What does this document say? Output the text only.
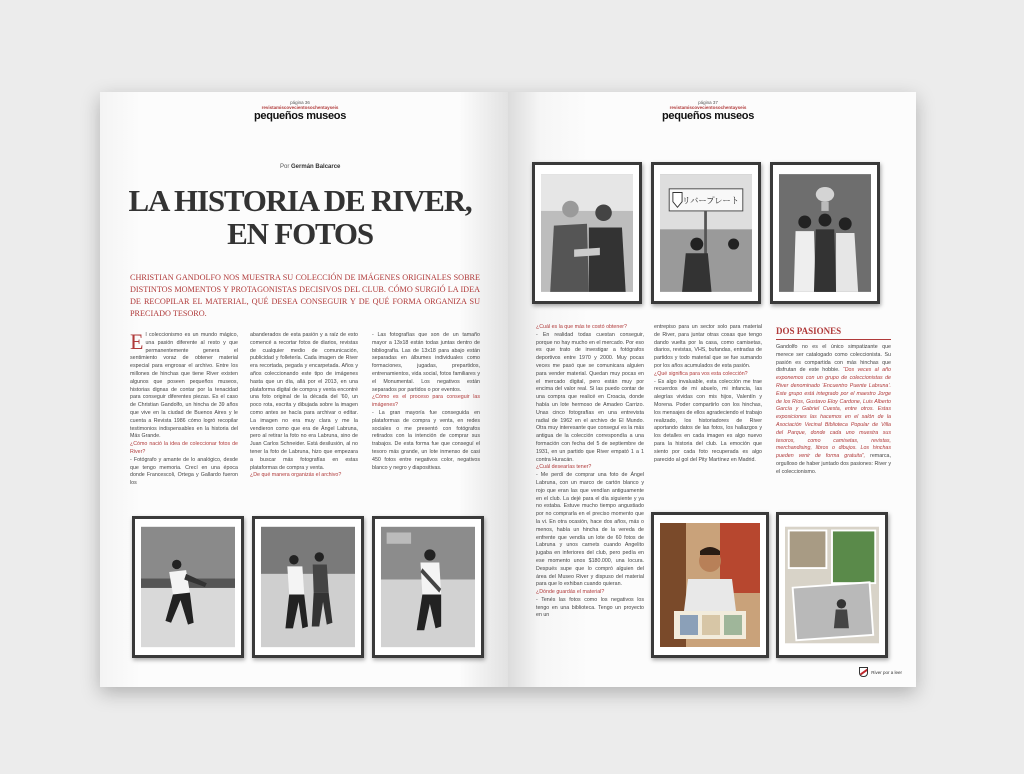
página 36
revistamiscovecientosochentayseis
pequeños museos
Por Germán Balcarce
LA HISTORIA DE RIVER,
EN FOTOS
CHRISTIAN GANDOLFO NOS MUESTRA SU COLECCIÓN DE IMÁGENES ORIGINALES SOBRE DISTINTOS MOMENTOS Y PROTAGONISTAS DECISIVOS DEL CLUB. CÓMO SURGIÓ LA IDEA DE RECOPILAR EL MATERIAL, QUÉ DESEA CONSEGUIR Y DE QUÉ FORMA ORGANIZA SU PRECIADO TESORO.

El coleccionismo es un mundo mágico, una pasión diferente al resto y que permanentemente genera el sentimiento voraz de obtener material especial para engrosar el archivo. Entre los millones de hinchas que tiene River existen algunos que poseen pequeños museos, historias dignas de contar por la tenacidad para conseguir diferentes piezas. Es el caso de Christian Gandolfo, un hincha de 39 años que vive en la ciudad de Buenos Aires y le cuenta a Revista 1986 cómo logró recopilar testimonios indispensables en la historia del Más Grande.

¿Cómo nació la idea de coleccionar fotos de River?

- Fotógrafo y amante de lo analógico, desde que tengo memoria. Crecí en una época donde Francescoli, Ortega y Gallardo fueron los

abanderados de esta pasión y a raíz de esto comencé a recortar fotos de diarios, revistas de cualquier medio de comunicación, publicidad y folletería. Cada imagen de River era recortada, pegada y encarpetada. Años y años coleccionando este tipo de imágenes hasta que un día, allá por el 2013, en una plataforma digital de compra y venta encontré una foto original de la década del '60, un poco rota, escrita y dibujada sobre la imagen como antes se hacía para archivar o editar. La imagen no era muy clara y me la vendieron como que era de Ángel Labruna, pero al retirar la foto no era Labruna, sino de Juan Carlos Schneider. Está desilusión, al no tener la foto de Labruna, hizo que empezara a buscar más fotografías en estas plataformas de compra y venta.

¿De qué manera organizás el archivo?

- Las fotografías que son de un tamaño mayor a 13x18 están todas juntas dentro de bibliografía. Las de 13x18 para abajo están separadas en álbumes individuales como formaciones, jugadas, prepartidos, entrenamientos, vida social, fotos familiares y el Monumental. Los negativos están separados por partidos o por eventos.

¿Cómo es el proceso para conseguir las imágenes?

- La gran mayoría fue conseguida en plataformas de compra y venta, en redes sociales o me presentó con fotógrafos retirados con la intención de comprar sus trabajos. De esta forma fue que conseguí el tesoro más grande, un lote inmenso de casi 450 fotos entre negativos color, negativos blanco y negro y diapositivas.

página 37
revistamiscovecientosochentayseis
pequeños museos
リバープレート

¿Cuál es la que más te costó obtener?

- En realidad todas cuestan conseguir, porque no hay mucho en el mercado. Por eso es que trato de investigar a fotógrafos deportivos entre 1970 y 2000. Muy pocas veces me pasó que se comunicara alguien para vender material. Quedan muy pocas en el mercado digital, pero están muy por encima del valor real. Si las puedo contar de una compra que realicé en Croacia, donde había un lote hermoso de Amadeo Carrizo. Unas cinco fotografías en una entrevista radial de 1962 en el archivo de El Mundo. Otra muy interesante que conseguí es la más antigua de la colección correspondía a una formación con fecha del 5 de septiembre de 1931, en un partido que River empató 1 a 1 contra Huracán.

¿Cuál desearías tener?

- Me perdí de comprar una foto de Ángel Labruna, con un marco de cartón blanco y rojo que eran las que vendían antiguamente en el club. La dejé para el día siguiente y ya no estaba. Estuve mucho tiempo angustiado por no comprarla en el preciso momento que la vi. En otra ocasión, hace dos años, más o menos, había un hincha de la vereda de enfrente que vendía un lote de 60 fotos de Labruna y unos carnets cuando Angelito jugaba en inferiores del club, pero pedía en ese momento unos $180.000, una locura. Después supe que lo compró alguien del área del Museo River y dispuso del material para que lo exhiban cuando quieran.

¿Dónde guardás el material?

- Tenés las fotos como los negativos los tengo en una biblioteca. Tengo un proyecto en un

entrepiso para un sector solo para material de River, para juntar otras cosas que tengo dando vuelta por la casa, como camisetas, diarios, revistas, VHS, bufandas, entradas de partidos y todo material que se fue sumando por los años acumulados de esta pasión.

¿Qué significa para vos esta colección?

- Es algo invaluable, esta colección me trae recuerdos de mi abuelo, mi infancia, las alegrías vividas con mis hijos, Valentín y Morena. Poder compartirlo con los hinchas, los mensajes de ellos agradeciendo el trabajo realizado, los historiadores de River aportando datos de las fotos, los hallazgos y los detalles en cada imagen es algo nuevo para la historia del club. La emoción que siento por cada foto recuperada es algo parecido al gol del Pity Martínez en Madrid.

DOS PASIONES
Gandolfo no es el único simpatizante que merece ser catalogado como coleccionista. Su pasión es compartida con más hinchas que disfrutan de este hobbie. “Dos veces al año exponemos con un grupo de coleccionistas de River denominado ‘Encuentro Puente Labruna’. Este grupo está integrado por el maestro Jorge de los Ríos, Gustavo Eloy Cardone, Luis Alberto García y Gabriel Cuesta, entre otros. Estas exposiciones las hacemos en el salón de la Asociación Vecinal Biblioteca Popular de Villa del Parque, donde cada uno muestra sus tesoros, como camisetas, revistas, merchandising, libros o dibujos. Los hinchas pueden venir de forma gratuita”, remarca, orgulloso de haber juntado dos pasiones: River y el coleccionismo.
River por a leer
